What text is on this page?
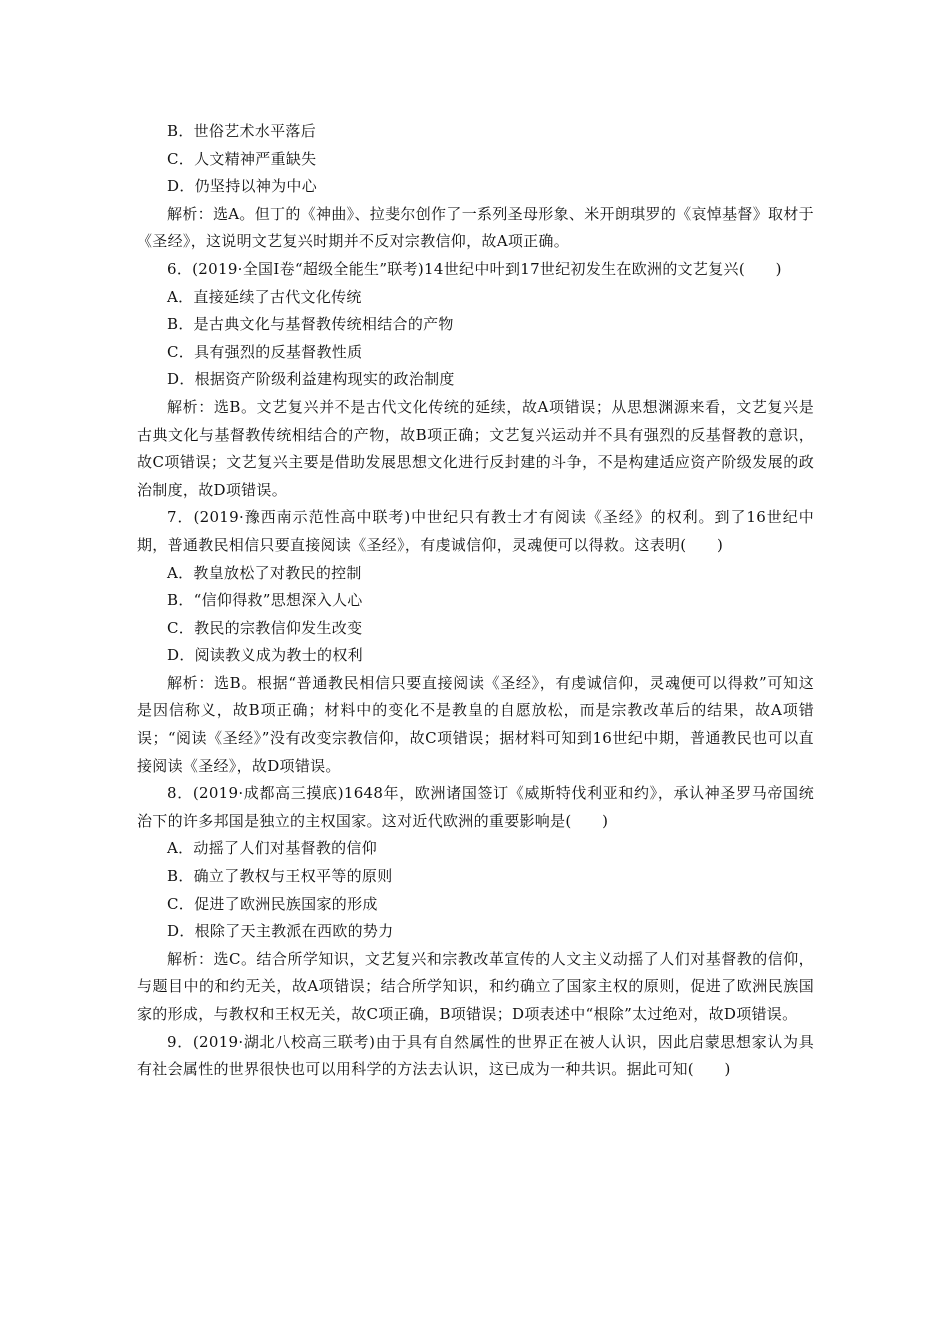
B．世俗艺术水平落后

C．人文精神严重缺失

D．仍坚持以神为中心

解析：选A。但丁的《神曲》、拉斐尔创作了一系列圣母形象、米开朗琪罗的《哀悼基督》取材于《圣经》，这说明文艺复兴时期并不反对宗教信仰，故A项正确。

6．(2019·全国Ⅰ卷“超级全能生”联考)14世纪中叶到17世纪初发生在欧洲的文艺复兴(　　)

A．直接延续了古代文化传统

B．是古典文化与基督教传统相结合的产物

C．具有强烈的反基督教性质

D．根据资产阶级利益建构现实的政治制度

解析：选B。文艺复兴并不是古代文化传统的延续，故A项错误；从思想渊源来看，文艺复兴是古典文化与基督教传统相结合的产物，故B项正确；文艺复兴运动并不具有强烈的反基督教的意识，故C项错误；文艺复兴主要是借助发展思想文化进行反封建的斗争，不是构建适应资产阶级发展的政治制度，故D项错误。

7．(2019·豫西南示范性高中联考)中世纪只有教士才有阅读《圣经》的权利。到了16世纪中期，普通教民相信只要直接阅读《圣经》，有虔诚信仰，灵魂便可以得救。这表明(　　)

A．教皇放松了对教民的控制

B．“信仰得救”思想深入人心

C．教民的宗教信仰发生改变

D．阅读教义成为教士的权利

解析：选B。根据“普通教民相信只要直接阅读《圣经》，有虔诚信仰，灵魂便可以得救”可知这是因信称义，故B项正确；材料中的变化不是教皇的自愿放松，而是宗教改革后的结果，故A项错误；“阅读《圣经》”没有改变宗教信仰，故C项错误；据材料可知到16世纪中期，普通教民也可以直接阅读《圣经》，故D项错误。

8．(2019·成都高三摸底)1648年，欧洲诸国签订《威斯特伐利亚和约》，承认神圣罗马帝国统治下的许多邦国是独立的主权国家。这对近代欧洲的重要影响是(　　)

A．动摇了人们对基督教的信仰

B．确立了教权与王权平等的原则

C．促进了欧洲民族国家的形成

D．根除了天主教派在西欧的势力

解析：选C。结合所学知识，文艺复兴和宗教改革宣传的人文主义动摇了人们对基督教的信仰，与题目中的和约无关，故A项错误；结合所学知识，和约确立了国家主权的原则，促进了欧洲民族国家的形成，与教权和王权无关，故C项正确，B项错误；D项表述中“根除”太过绝对，故D项错误。

9．(2019·湖北八校高三联考)由于具有自然属性的世界正在被人认识，因此启蒙思想家认为具有社会属性的世界很快也可以用科学的方法去认识，这已成为一种共识。据此可知(　　)
